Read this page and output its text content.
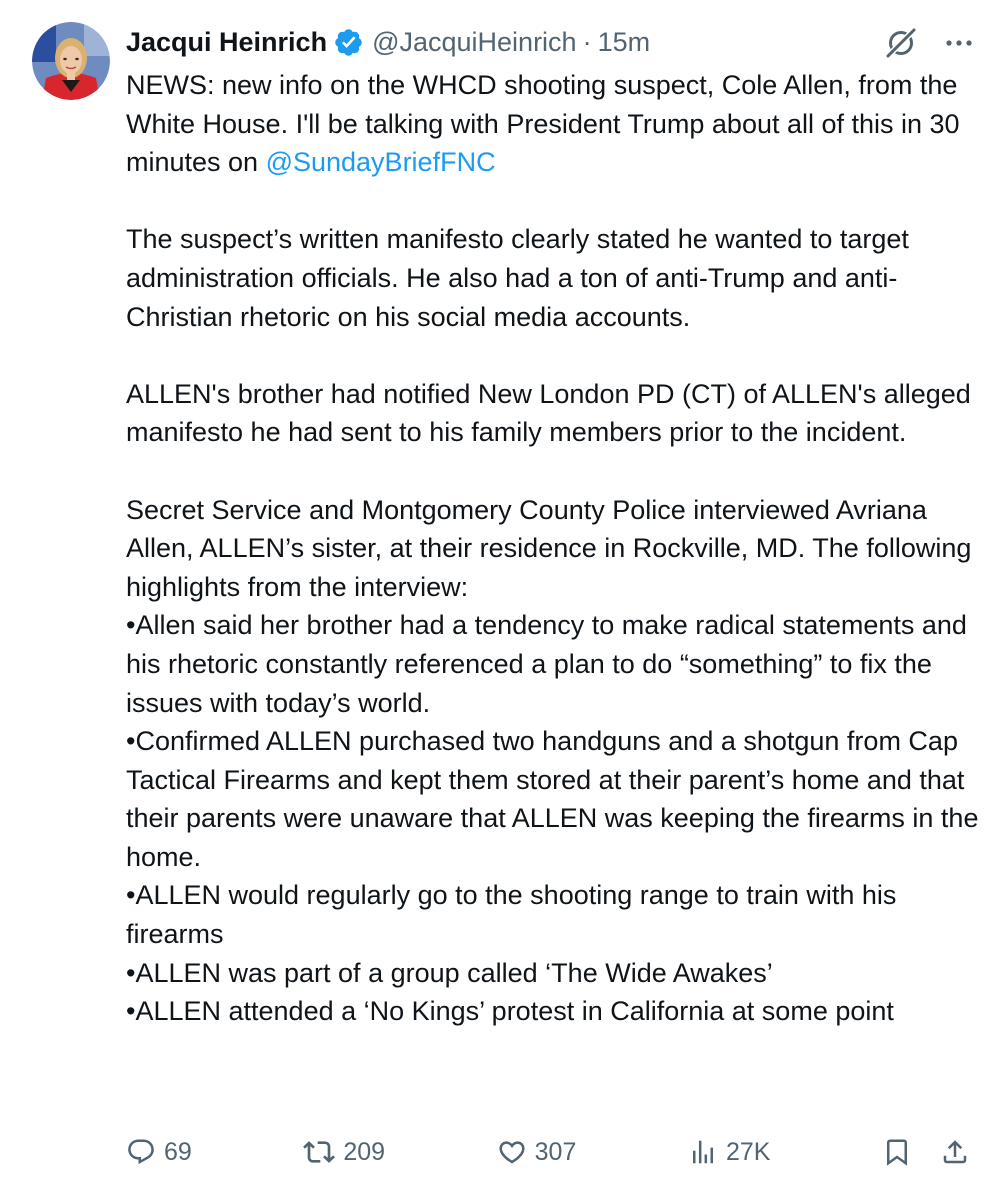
Jacqui Heinrich @JacquiHeinrich · 15m

NEWS: new info on the WHCD shooting suspect, Cole Allen, from the White House. I'll be talking with President Trump about all of this in 30 minutes on @SundayBriefFNC

The suspect’s written manifesto clearly stated he wanted to target administration officials. He also had a ton of anti-Trump and anti-Christian rhetoric on his social media accounts.

ALLEN's brother had notified New London PD (CT) of ALLEN's alleged manifesto he had sent to his family members prior to the incident.

Secret Service and Montgomery County Police interviewed Avriana Allen, ALLEN’s sister, at their residence in Rockville, MD. The following highlights from the interview:

•Allen said her brother had a tendency to make radical statements and his rhetoric constantly referenced a plan to do “something” to fix the issues with today’s world.

•Confirmed ALLEN purchased two handguns and a shotgun from Cap Tactical Firearms and kept them stored at their parent’s home and that their parents were unaware that ALLEN was keeping the firearms in the home.

•ALLEN would regularly go to the shooting range to train with his firearms

•ALLEN was part of a group called ‘The Wide Awakes’

•ALLEN attended a ‘No Kings’ protest in California at some point

69	209	307	27K
